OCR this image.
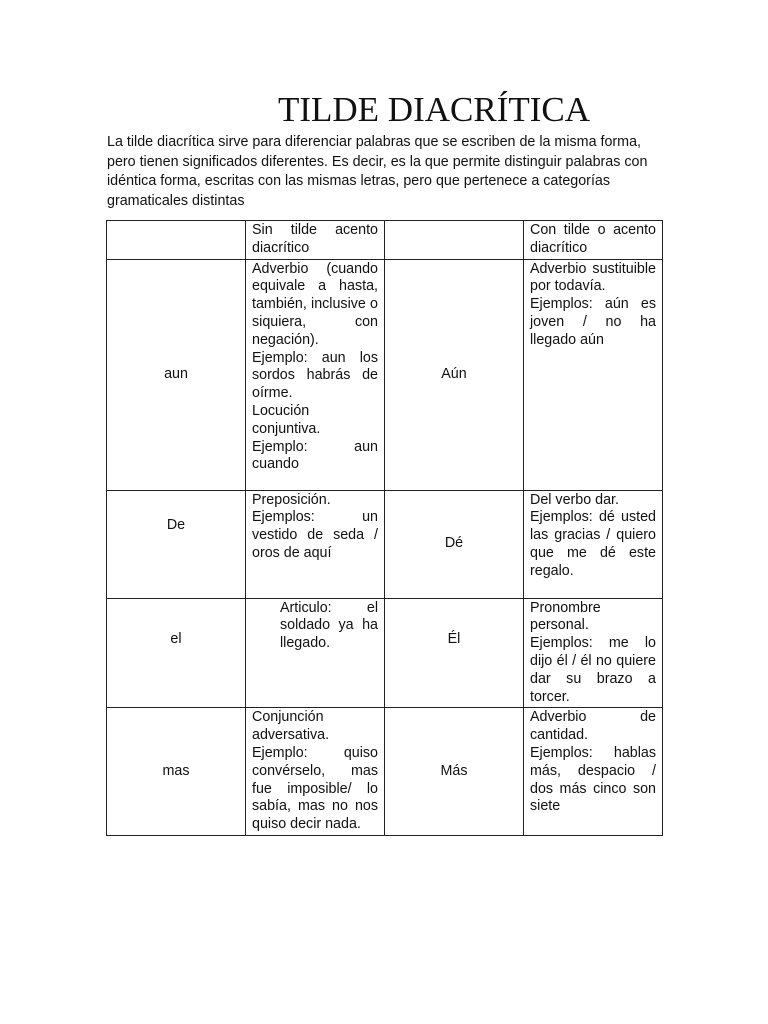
TILDE DIACRÍTICA

La tilde diacrítica sirve para diferenciar palabras que se escriben de la misma forma, pero tienen significados diferentes. Es decir, es la que permite distinguir palabras con idéntica forma, escritas con las mismas letras, pero que pertenece a categorías gramaticales distintas

	Sin tilde acento diacrítico		Con tilde o acento diacrítico
aun	Adverbio (cuando equivale a hasta, también, inclusive o siquiera, con negación).
Ejemplo: aun los sordos habrás de oírme.
Locución conjuntiva.
Ejemplo: aun cuando	Aún	Adverbio sustituible por todavía.
Ejemplos: aún es joven / no ha llegado aún

De	Preposición.
Ejemplos: un vestido de seda / oros de aquí	Dé	Del verbo dar.
Ejemplos: dé usted las gracias / quiero que me dé este regalo.

el	Articulo: el soldado ya ha llegado.	Él	Pronombre personal.
Ejemplos: me lo dijo él / él no quiere dar su brazo a torcer.

mas	Conjunción adversativa.
Ejemplo: quiso convérselo, mas fue imposible/ lo sabía, mas no nos quiso decir nada.	Más	Adverbio de cantidad.
Ejemplos: hablas más, despacio / dos más cinco son siete
